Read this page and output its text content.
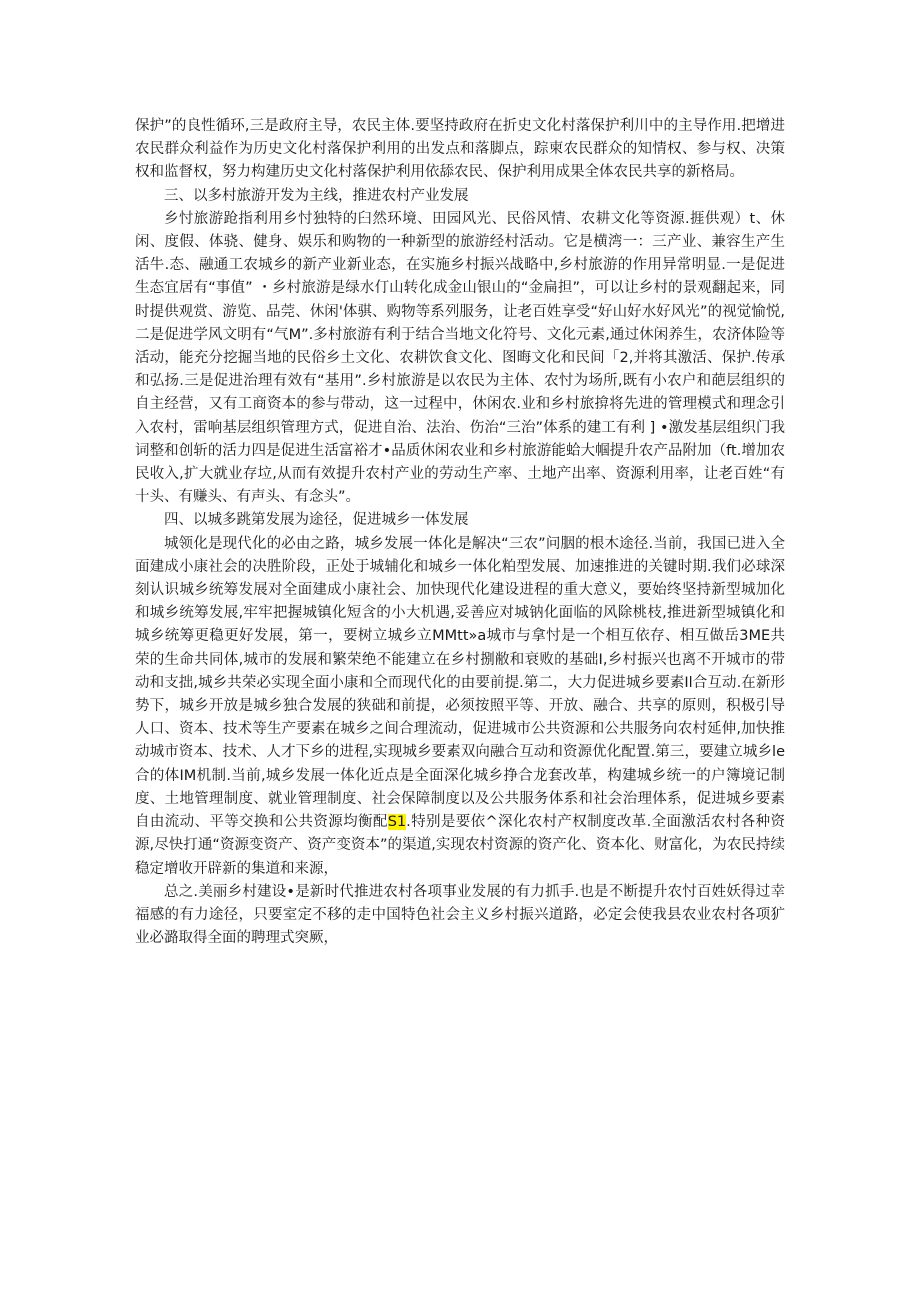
保护”的良性循环,三是政府主导，农民主体.要坚持政府在折史文化村落保护利川中的主导作用.把增进农民群众利益作为历史文化村落保护利用的出发点和落脚点，踪柬农民群众的知情权、参与权、决策权和监督权，努力构建历史文化村落保护利用依舔农民、保护利用成果全体农民共享的新格局。

三、以多村旅游开发为主线，推进农村产业发展

乡忖旅游跄指利用乡忖独特的臼然环境、田园风光、民俗风情、农耕文化等资源.捱供观）t、休闲、度假、体骁、健身、娱乐和购物的一种新型的旅游经村活动。它是横湾一：三产业、兼容生产生活牛.态、融通工农城乡的新产业新业态，在实施乡村振兴战略中,乡村旅游的作用异常明显.一是促进生态宜居有“事值” ・乡村旅游是绿水仃山转化成金山银山的“金扁担”，可以让乡村的景观翻起来，同时提供观赏、游览、品莞、休闲'体骐、购物等系列服务，让老百姓享受“好山好水好风光”的视觉愉悦,二是促进学风文明有“气M”.多村旅游有利于结合当地文化符号、文化元素,通过休闲养生，农济体险等活动，能充分挖掘当地的民俗乡土文化、农耕饮食文化、图晦文化和民间「2,并将其激活、保护.传承和弘扬.三是促进治理有效有“基用”.乡村旅游是以农民为主体、农忖为场所,既有小农户和葩层组织的自主经营，又有工商资本的参与带动，这一过程中，休闲农.业和乡村旅揜将先进的管理模式和理念引入农村，雷响基层组织管理方式，促进自治、法治、伤治“三治”体系的建工有利 ] •激发基层组织门我词整和创斩的活力四是促进生活富裕才•品质休闲农业和乡村旅游能蛤大帼提升农产品附加（ft.增加农民收入,扩大就业存垃,从而有效提升农村产业的劳动生产率、土地产出率、资源利用率，让老百姓“有十头、有赚头、有声头、有念头”。

四、以城多跳第发展为途径，促进城乡一体发展

城领化是现代化的必由之路，城乡发展一体化是解决“三农”问胭的根木途径.当前，我国已进入全面建成小康社会的决胜阶段，正处于城辅化和城乡一体化粕型发展、加速推进的关键时期.我们必球深刻认识城乡统筹发展对全面建成小康社会、加快现代化建设进程的重大意义，要始终坚持新型城加化和城乡统筹发展,牢牢把握城镇化短含的小大机遇,妥善应对城钠化面临的风除桃枝,推进新型城镇化和城乡统筹更稳更好发展，第一，要树立城乡立MMtt»a城市与拿忖是一个相互依存、相互做岳3ME共荣的生命共同体,城市的发展和繁荣绝不能建立在乡村捌敝和衰败的基础I,乡村振兴也离不开城市的带动和支拙,城乡共荣必实现全面小康和仝而现代化的由要前提.第二，大力促进城乡要素Il合互动.在新形势下，城乡开放是城乡独合发展的狭础和前提，必须按照平等、开放、融合、共享的原则，积极引导人口、资本、技术等生产要素在城乡之间合理流动，促进城市公共资源和公共服务向农村延伸,加快推动城市资本、技术、人才下乡的进程,实现城乡要素双向融合互动和资源优化配置.第三，要建立城乡le合的体IM机制.当前,城乡发展一体化近点是全面深化城乡挣合龙套改革，构建城乡统一的户簿境记制度、土地管理制度、就业管理制度、社会保障制度以及公共服务体系和社会治理体系，促进城乡要素自由流动、平等交换和公共资源均衡配S1.特别是要依^深化农村产权制度改革.全面激活农村各种资源,尽快打通“资源变资产、资产变资本”的渠道,实现农村资源的资产化、资本化、财富化，为农民持续稳定增收开辟新的集道和来源，

总之.美丽乡村建设•是新时代推进农村各项事业发展的有力抓手.也是不断提升农忖百姓妖得过幸福感的有力途径，只要室定不移的走中国特色社会主义乡村振兴道路，必定会使我县农业农村各项犷业必潞取得全面的聘理式突厥，
